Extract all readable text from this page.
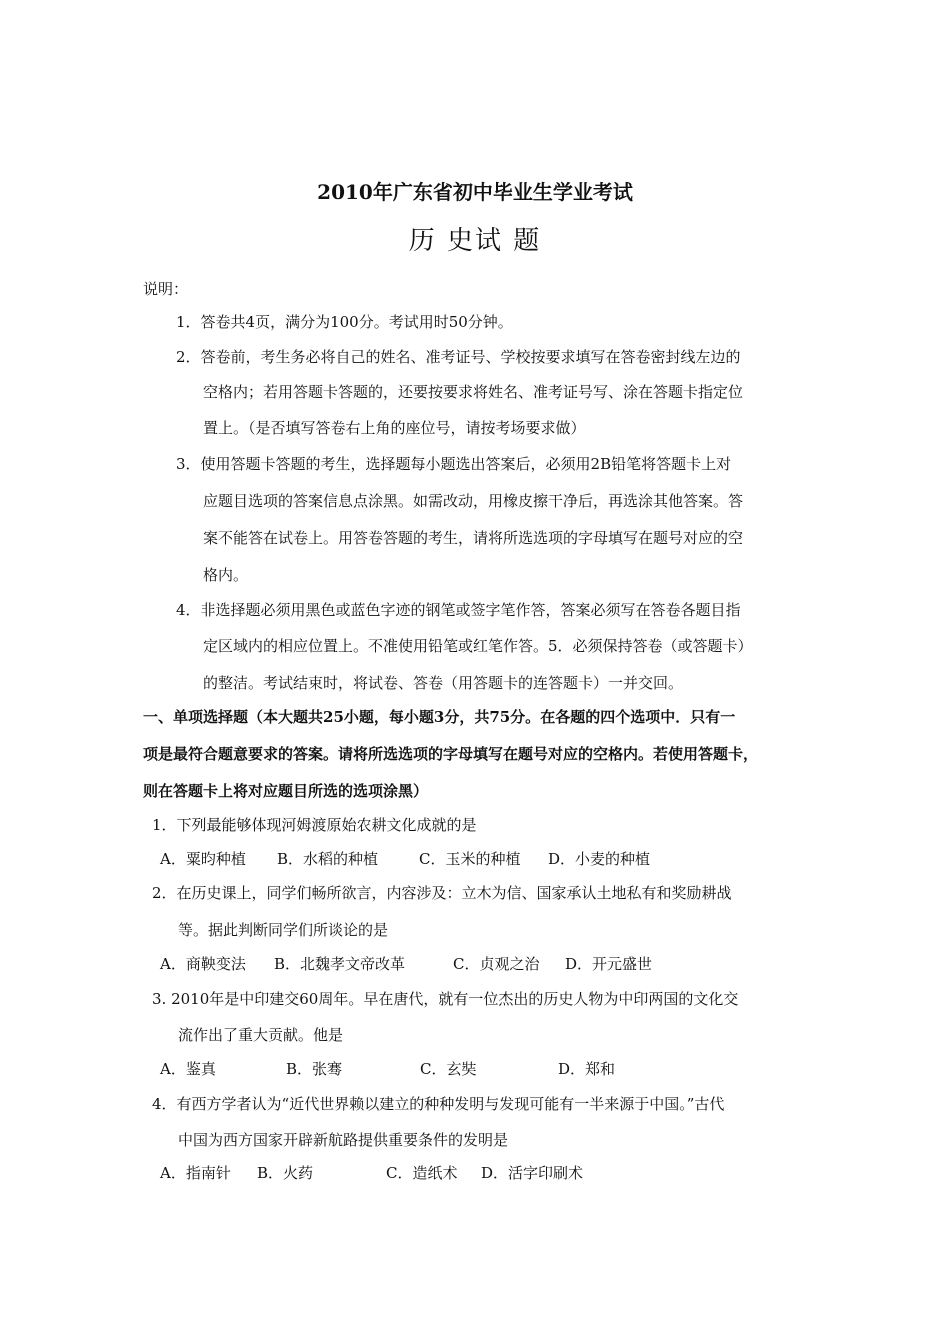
2010年广东省初中毕业生学业考试
历 史试 题
说明：
1．答卷共4页，满分为100分。考试用时50分钟。
2．答卷前，考生务必将自己的姓名、准考证号、学校按要求填写在答卷密封线左边的
空格内；若用答题卡答题的，还要按要求将姓名、准考证号写、涂在答题卡指定位
置上。（是否填写答卷右上角的座位号，请按考场要求做）
3．使用答题卡答题的考生，选择题每小题选出答案后，必须用2B铅笔将答题卡上对
应题目选项的答案信息点涂黑。如需改动，用橡皮擦干净后，再选涂其他答案。答
案不能答在试卷上。用答卷答题的考生，请将所选选项的字母填写在题号对应的空
格内。
4．非选择题必须用黑色或蓝色字迹的钢笔或签字笔作答，答案必须写在答卷各题目指
定区域内的相应位置上。不准使用铅笔或红笔作答。5．必须保持答卷（或答题卡）
的整洁。考试结束时，将试卷、答卷（用答题卡的连答题卡）一并交回。
一、单项选择题（本大题共25小题，每小题3分，共75分。在各题的四个选项中．只有一
项是最符合题意要求的答案。请将所选选项的字母填写在题号对应的空格内。若使用答题卡，
则在答题卡上将对应题目所选的选项涂黑）
1．下列最能够体现河姆渡原始农耕文化成就的是
A．粟昀种植 B．水稻的种植	C．玉米的种植 D．小麦的种植
2．在历史课上，同学们畅所欲言，内容涉及：立木为信、国家承认土地私有和奖励耕战
等。据此判断同学们所谈论的是
A．商鞅变法 B．北魏孝文帝改革	C．贞观之治 D．开元盛世
3. 2010年是中印建交60周年。早在唐代，就有一位杰出的历史人物为中印两国的文化交
流作出了重大贡献。他是
A．鉴真	B．张骞	C．玄奘	D．郑和
4．有西方学者认为“近代世界赖以建立的种种发明与发现可能有一半来源于中国。”古代
中国为西方国家开辟新航路提供重要条件的发明是
A．指南针 B．火药	C．造纸术 D．活字印刷术
